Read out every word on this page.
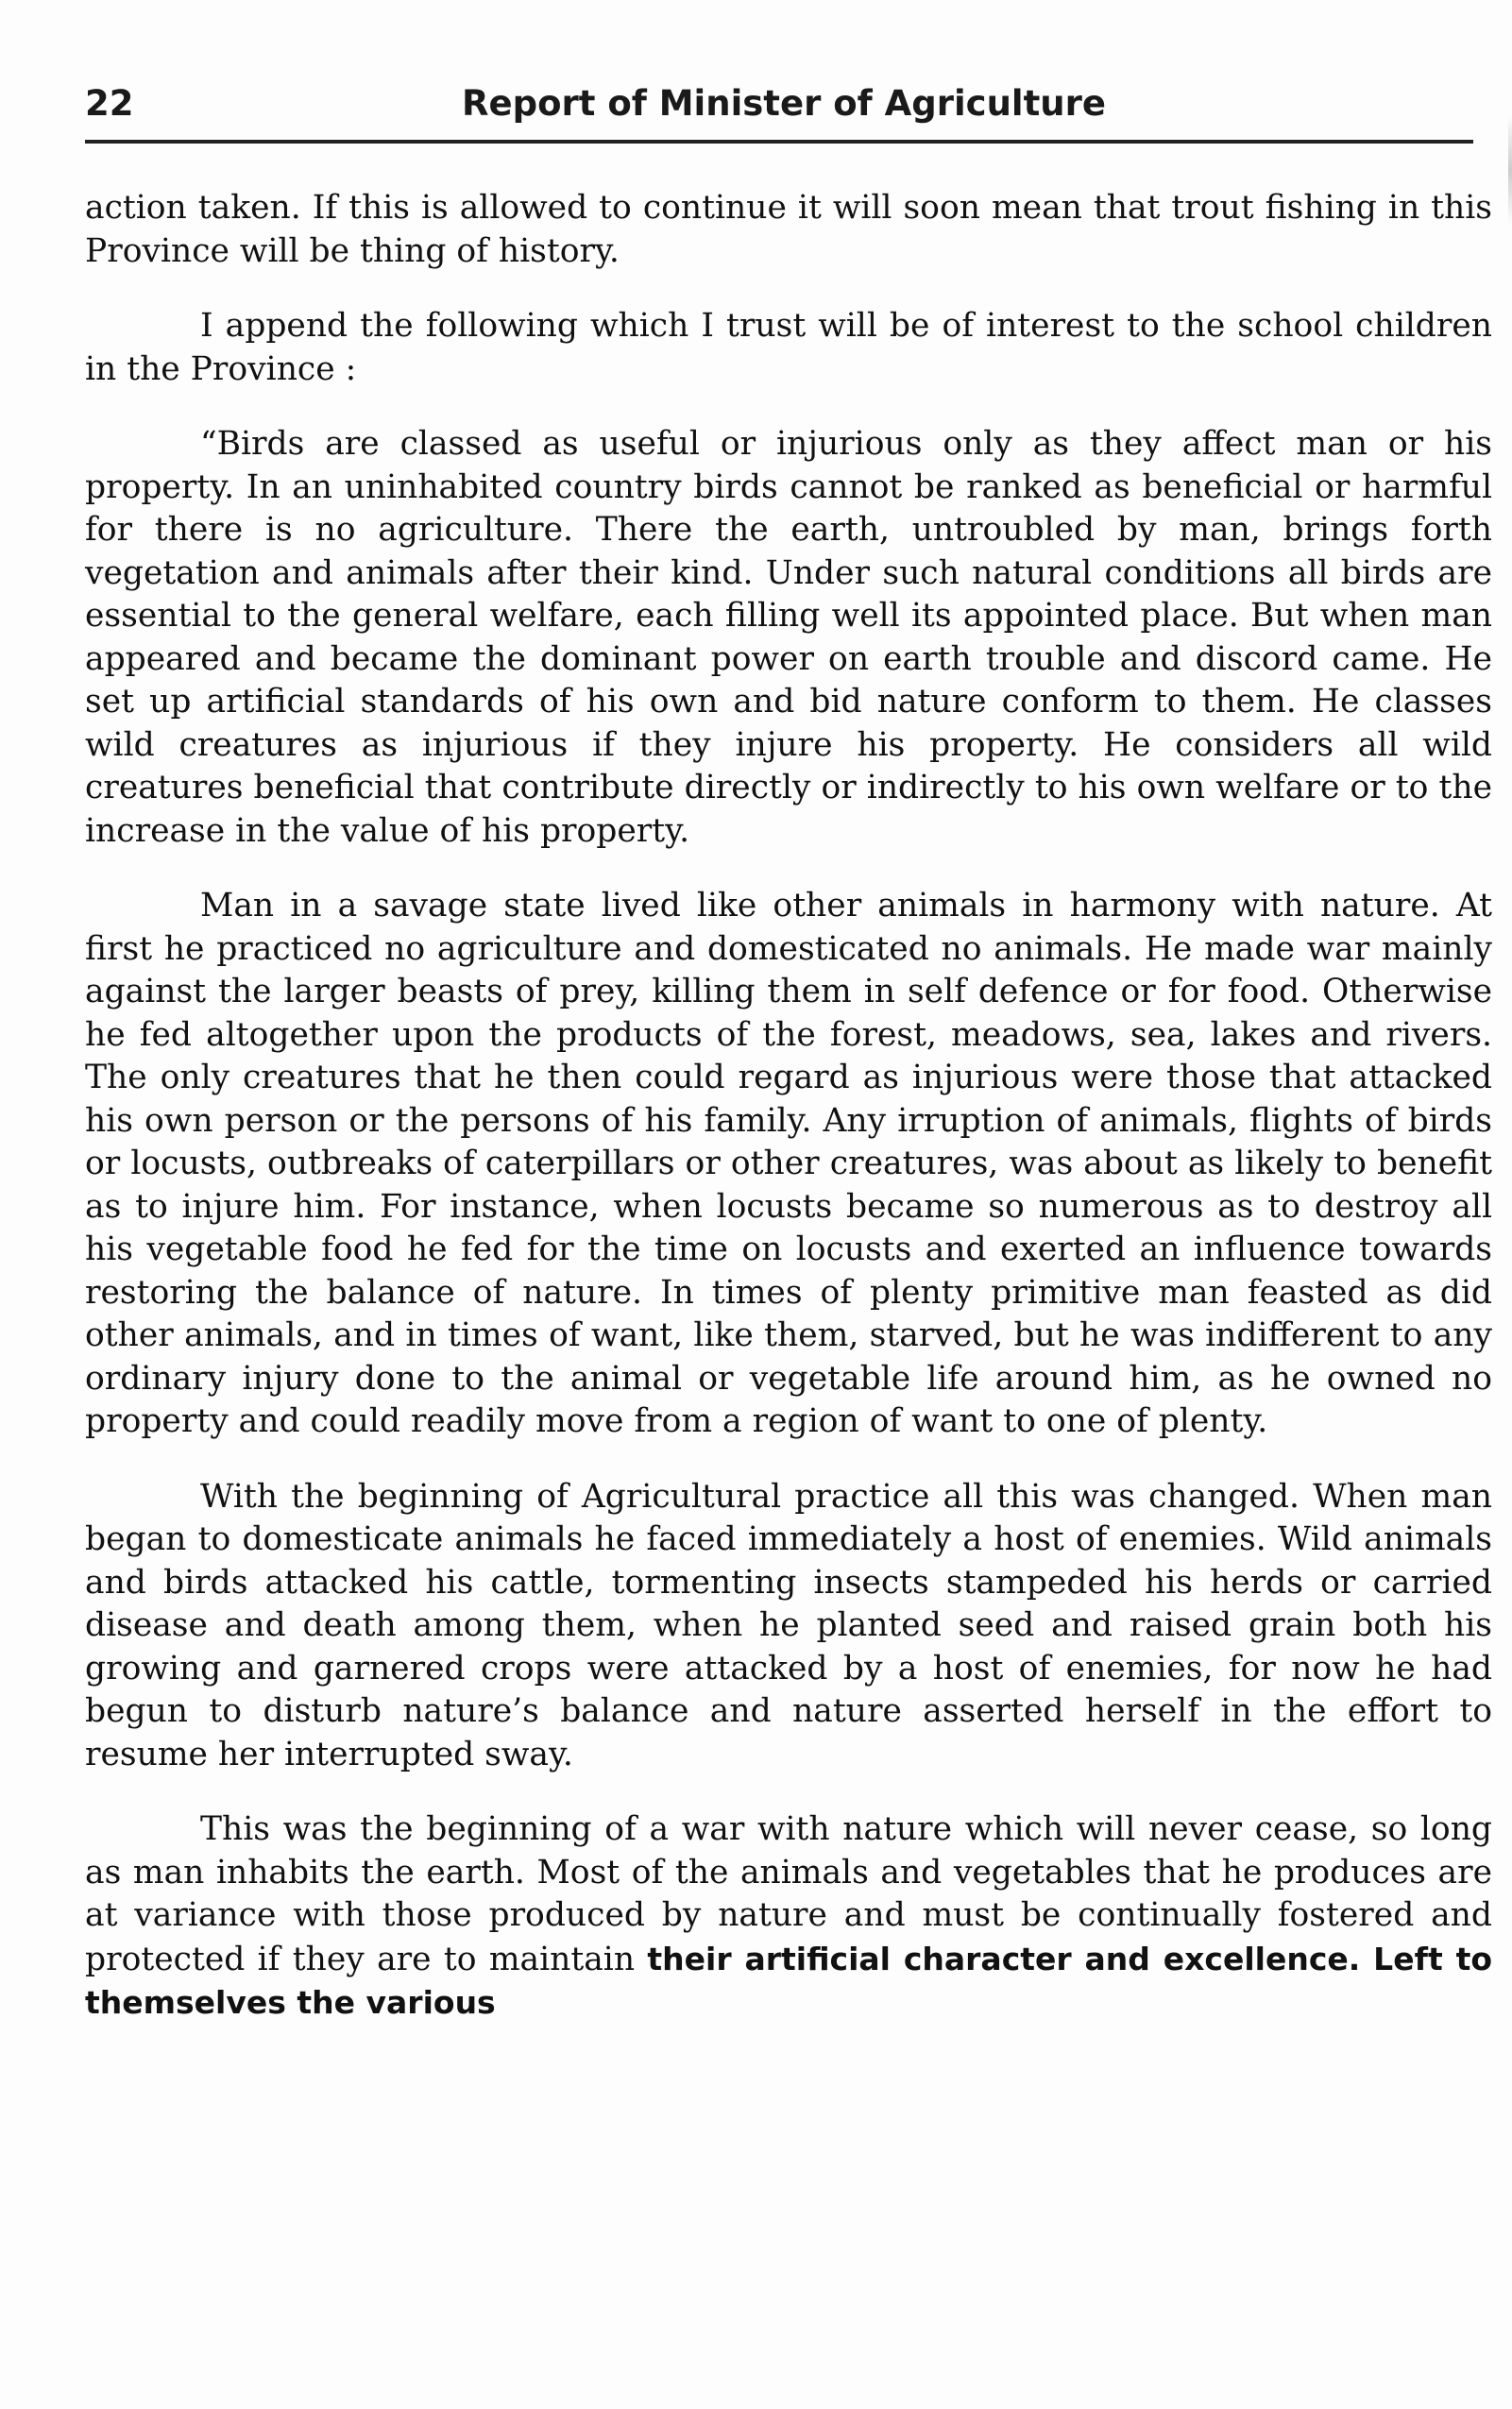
22	Report of Minister of Agriculture

action taken. If this is allowed to continue it will soon mean that trout fishing in this Province will be thing of history.

I append the following which I trust will be of interest to the school children in the Province :

“Birds are classed as useful or injurious only as they affect man or his property. In an uninhabited country birds cannot be ranked as beneficial or harmful for there is no agriculture. There the earth, untroubled by man, brings forth vegetation and animals after their kind. Under such natural conditions all birds are essential to the general welfare, each filling well its appointed place. But when man appeared and became the dominant power on earth trouble and discord came. He set up artificial standards of his own and bid nature conform to them. He classes wild creatures as injurious if they injure his property. He considers all wild creatures beneficial that contribute directly or indirectly to his own welfare or to the increase in the value of his property.

Man in a savage state lived like other animals in harmony with nature. At first he practiced no agriculture and domesticated no animals. He made war mainly against the larger beasts of prey, killing them in self defence or for food. Otherwise he fed altogether upon the products of the forest, meadows, sea, lakes and rivers. The only creatures that he then could regard as injurious were those that attacked his own person or the persons of his family. Any irruption of animals, flights of birds or locusts, outbreaks of caterpillars or other creatures, was about as likely to benefit as to injure him. For instance, when locusts became so numerous as to destroy all his vegetable food he fed for the time on locusts and exerted an influence towards restoring the balance of nature. In times of plenty primitive man feasted as did other animals, and in times of want, like them, starved, but he was indifferent to any ordinary injury done to the animal or vegetable life around him, as he owned no property and could readily move from a region of want to one of plenty.

With the beginning of Agricultural practice all this was changed. When man began to domesticate animals he faced immediately a host of enemies. Wild animals and birds attacked his cattle, tormenting insects stampeded his herds or carried disease and death among them, when he planted seed and raised grain both his growing and garnered crops were attacked by a host of enemies, for now he had begun to disturb nature’s balance and nature asserted herself in the effort to resume her interrupted sway.

This was the beginning of a war with nature which will never cease, so long as man inhabits the earth. Most of the animals and vegetables that he produces are at variance with those produced by nature and must be continually fostered and protected if they are to maintain their artificial character and excellence. Left to themselves the various
